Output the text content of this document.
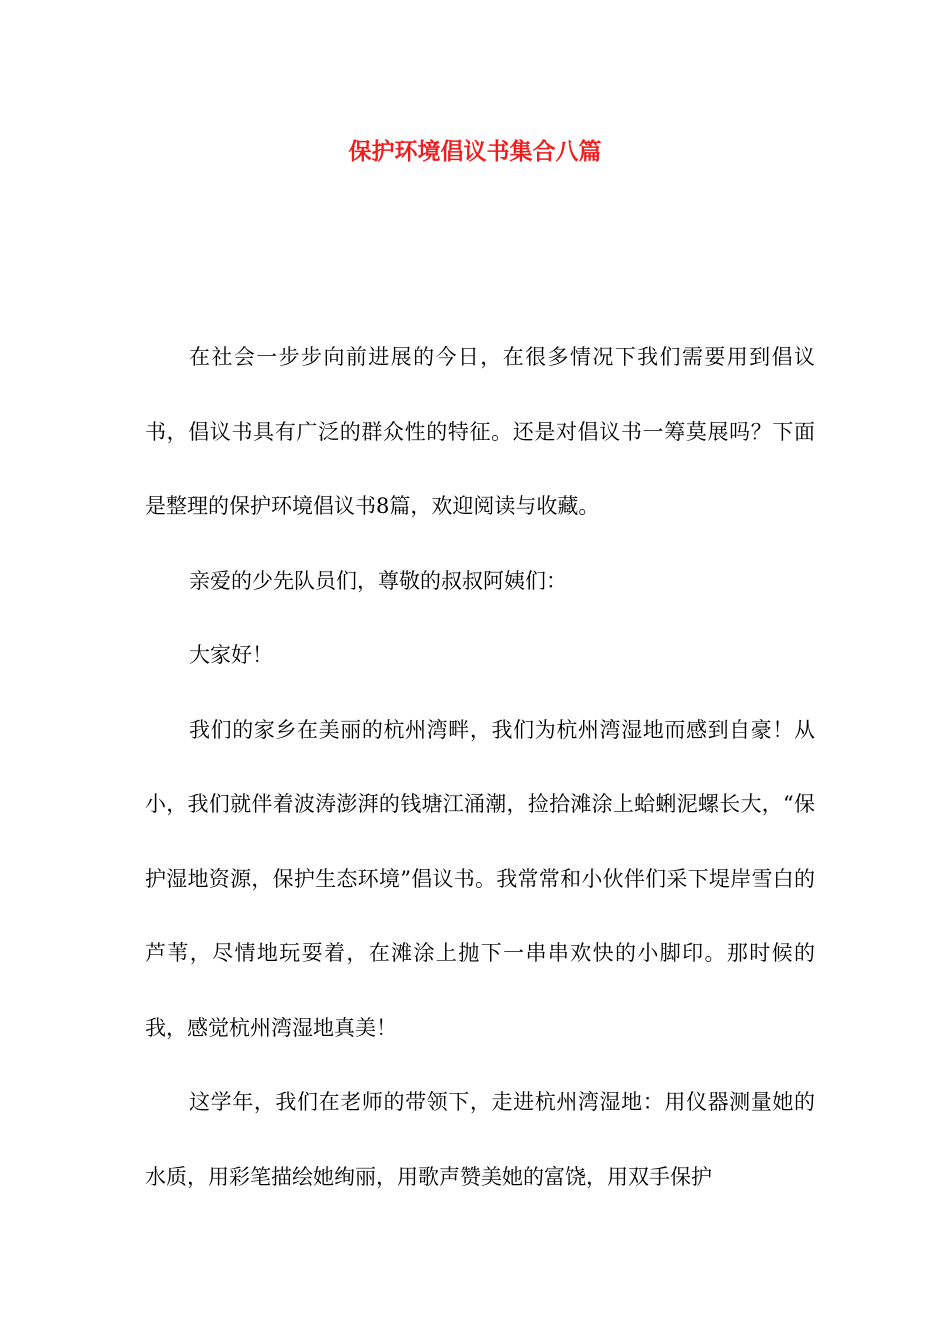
保护环境倡议书集合八篇

在社会一步步向前进展的今日，在很多情况下我们需要用到倡议书，倡议书具有广泛的群众性的特征。还是对倡议书一筹莫展吗？下面是整理的保护环境倡议书8篇，欢迎阅读与收藏。

亲爱的少先队员们，尊敬的叔叔阿姨们：

大家好！

我们的家乡在美丽的杭州湾畔，我们为杭州湾湿地而感到自豪！从小，我们就伴着波涛澎湃的钱塘江涌潮，捡拾滩涂上蛤蜊泥螺长大，“保护湿地资源，保护生态环境”倡议书。我常常和小伙伴们采下堤岸雪白的芦苇，尽情地玩耍着，在滩涂上抛下一串串欢快的小脚印。那时候的我，感觉杭州湾湿地真美！

这学年，我们在老师的带领下，走进杭州湾湿地：用仪器测量她的水质，用彩笔描绘她绚丽，用歌声赞美她的富饶，用双手保护
